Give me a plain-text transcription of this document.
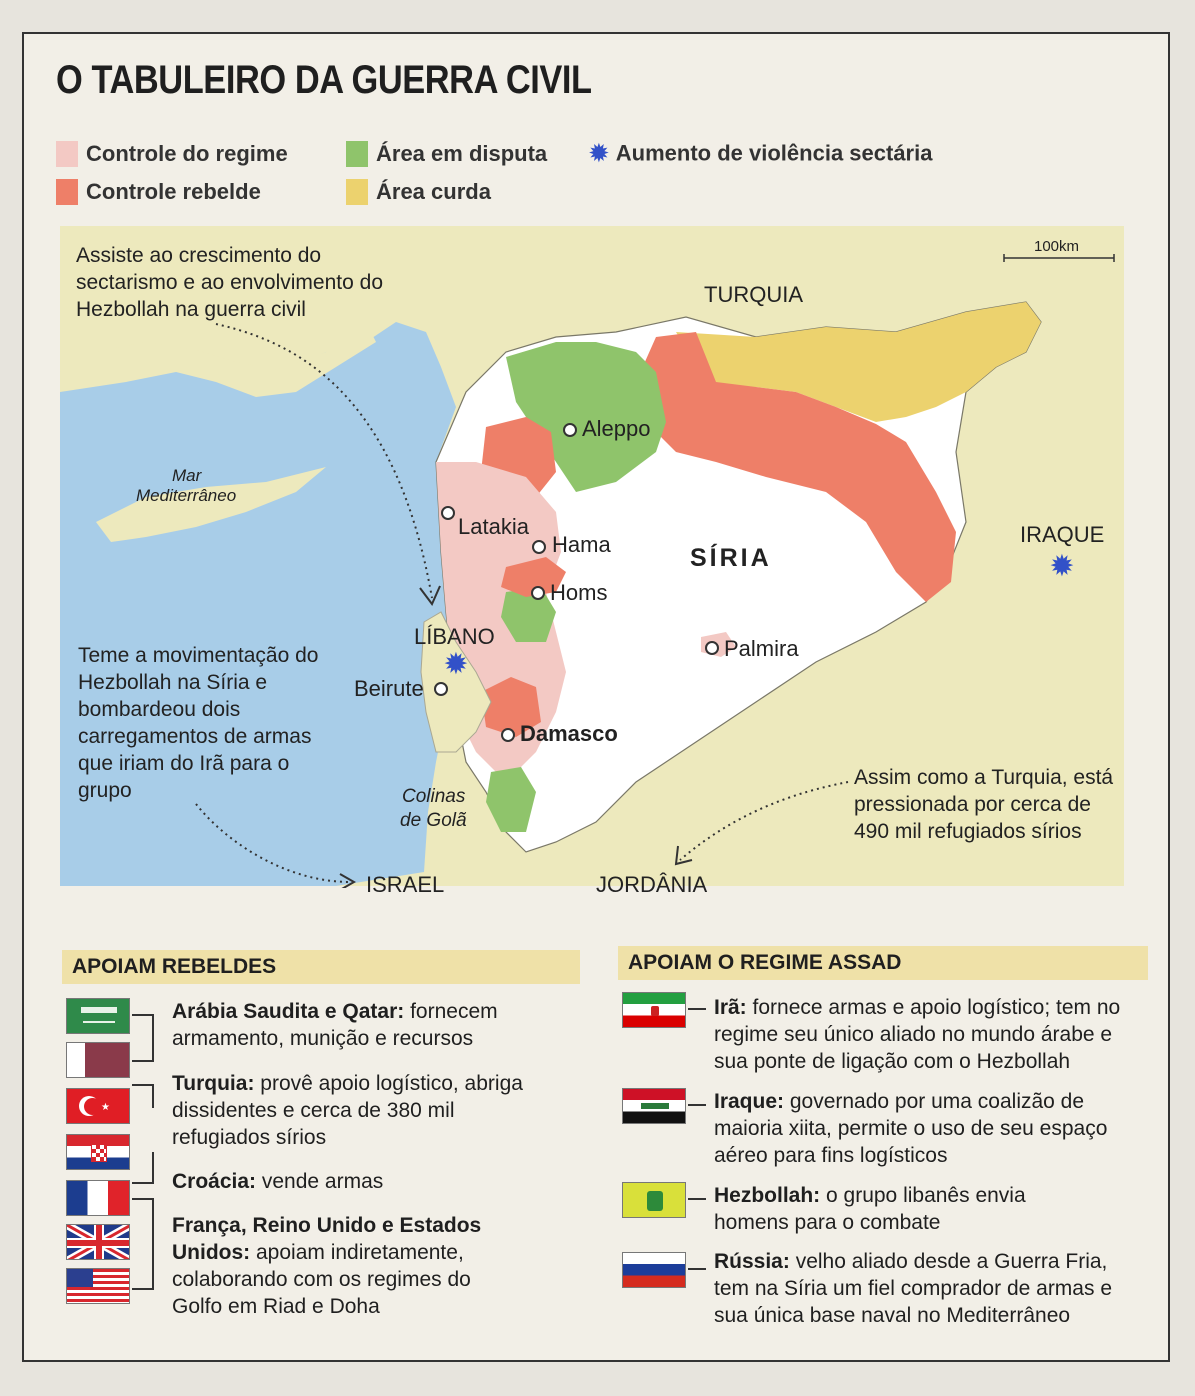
O TABULEIRO DA GUERRA CIVIL
Controle do regime
Controle rebelde
Área em disputa
Área curda
✹ Aumento de violência sectária
✹
✹
Assiste ao crescimento do sectarismo e ao envolvimento do Hezbollah na guerra civil
Teme a movimentação do Hezbollah na Síria e bombardeou dois carregamentos de armas que iriam do Irã para o grupo
Assim como a Turquia, está pressionada por cerca de 490 mil refugiados sírios
100km
TURQUIA
Mar
Mediterrâneo
SÍRIA
IRAQUE
LÍBANO
ISRAEL	JORDÂNIA
Colinas
de Golã
Aleppo
Latakia
Hama
Homs
Palmira
Beirute
Damasco
APOIAM REBELDES
Arábia Saudita e Qatar: fornecem armamento, munição e recursos
★
Turquia: provê apoio logístico, abriga dissidentes e cerca de 380 mil refugiados sírios
Croácia: vende armas
França, Reino Unido e Estados Unidos: apoiam indiretamente, colaborando com os regimes do Golfo em Riad e Doha
APOIAM O REGIME ASSAD
Irã: fornece armas e apoio logístico; tem no regime seu único aliado no mundo árabe e sua ponte de ligação com o Hezbollah
Iraque: governado por uma coalizão de maioria xiita, permite o uso de seu espaço aéreo para fins logísticos
Hezbollah: o grupo libanês envia homens para o combate
Rússia: velho aliado desde a Guerra Fria, tem na Síria um fiel comprador de armas e sua única base naval no Mediterrâneo
